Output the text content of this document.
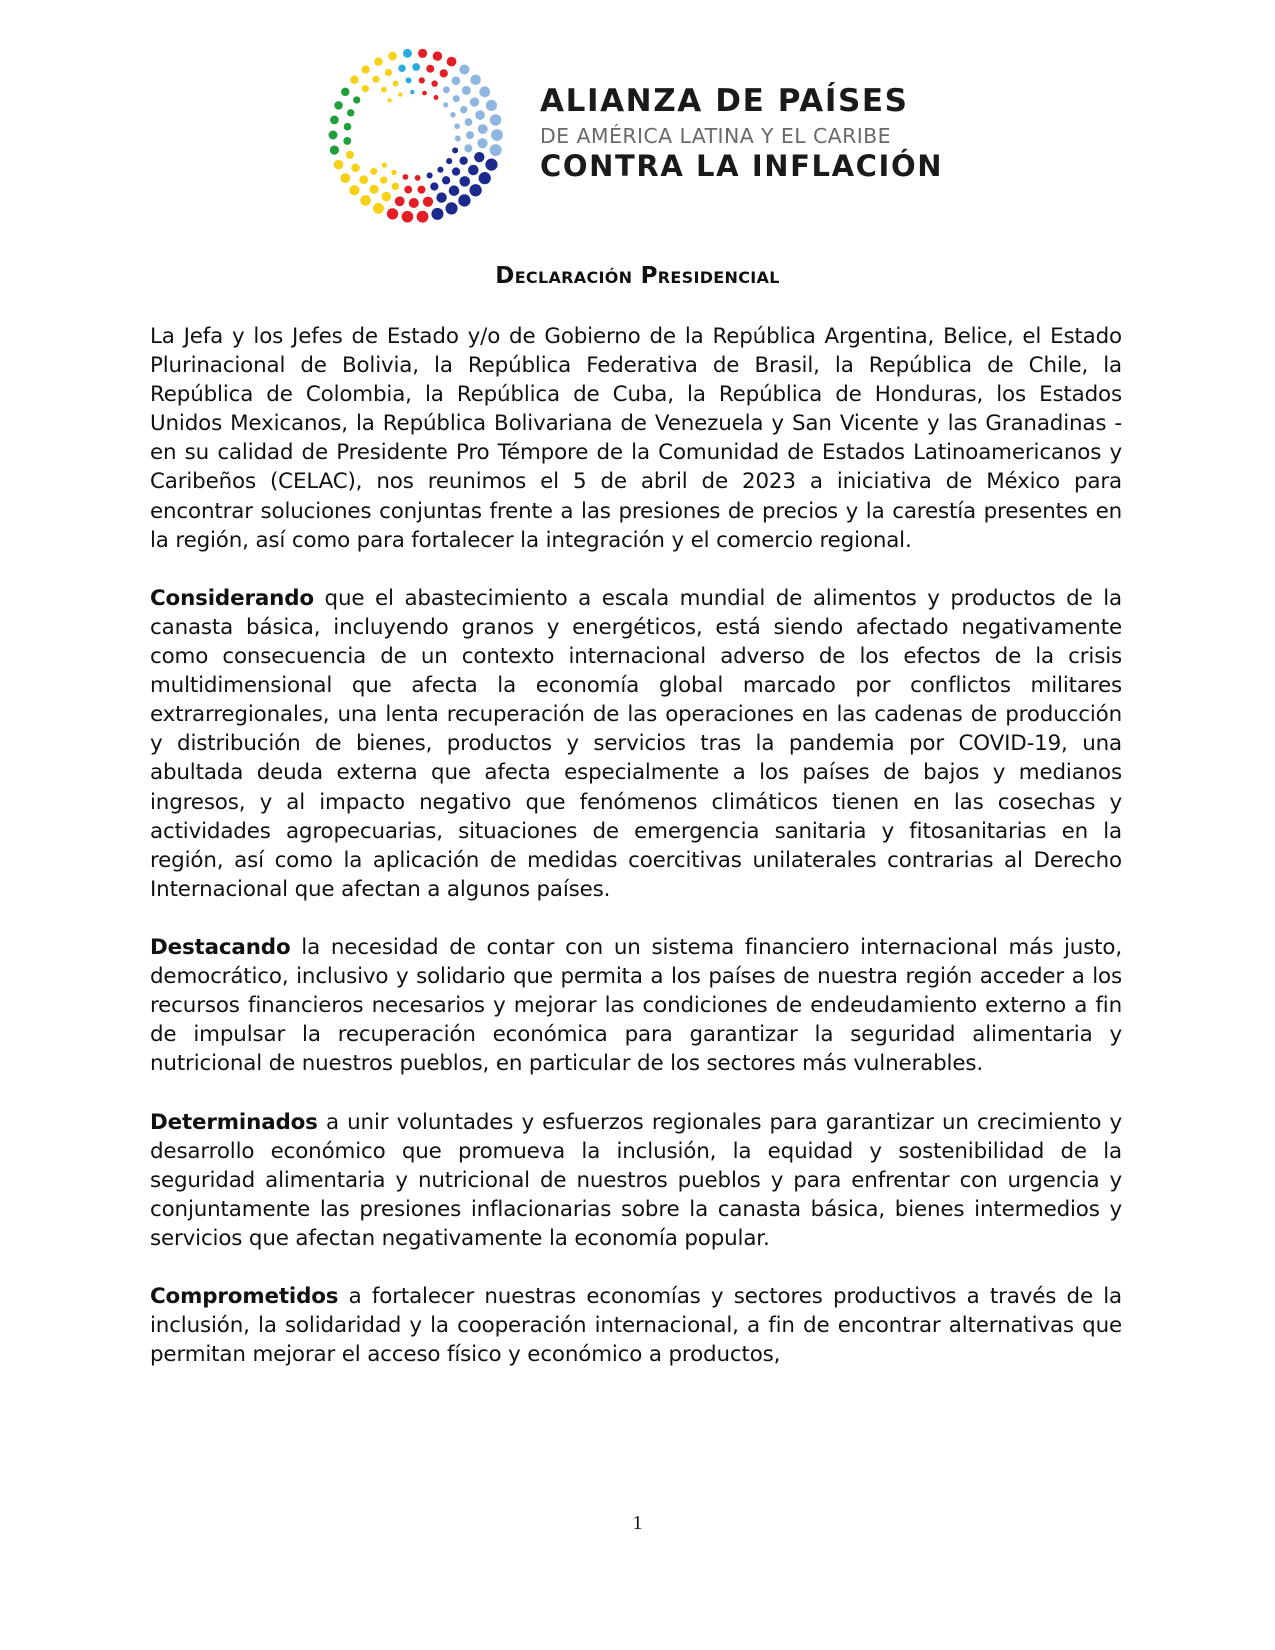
ALIANZA DE PAÍSES
DE AMÉRICA LATINA Y EL CARIBE
CONTRA LA INFLACIÓN
Declaración Presidencial

La Jefa y los Jefes de Estado y/o de Gobierno de la República Argentina, Belice, el Estado Plurinacional de Bolivia, la República Federativa de Brasil, la República de Chile, la República de Colombia, la República de Cuba, la República de Honduras, los Estados Unidos Mexicanos, la República Bolivariana de Venezuela y San Vicente y las Granadinas - en su calidad de Presidente Pro Témpore de la Comunidad de Estados Latinoamericanos y Caribeños (CELAC), nos reunimos el 5 de abril de 2023 a iniciativa de México para encontrar soluciones conjuntas frente a las presiones de precios y la carestía presentes en la región, así como para fortalecer la integración y el comercio regional.

Considerando que el abastecimiento a escala mundial de alimentos y productos de la canasta básica, incluyendo granos y energéticos, está siendo afectado negativamente como consecuencia de un contexto internacional adverso de los efectos de la crisis multidimensional que afecta la economía global marcado por conflictos militares extrarregionales, una lenta recuperación de las operaciones en las cadenas de producción y distribución de bienes, productos y servicios tras la pandemia por COVID-19, una abultada deuda externa que afecta especialmente a los países de bajos y medianos ingresos, y al impacto negativo que fenómenos climáticos tienen en las cosechas y actividades agropecuarias, situaciones de emergencia sanitaria y fitosanitarias en la región, así como la aplicación de medidas coercitivas unilaterales contrarias al Derecho Internacional que afectan a algunos países.

Destacando la necesidad de contar con un sistema financiero internacional más justo, democrático, inclusivo y solidario que permita a los países de nuestra región acceder a los recursos financieros necesarios y mejorar las condiciones de endeudamiento externo a fin de impulsar la recuperación económica para garantizar la seguridad alimentaria y nutricional de nuestros pueblos, en particular de los sectores más vulnerables.

Determinados a unir voluntades y esfuerzos regionales para garantizar un crecimiento y desarrollo económico que promueva la inclusión, la equidad y sostenibilidad de la seguridad alimentaria y nutricional de nuestros pueblos y para enfrentar con urgencia y conjuntamente las presiones inflacionarias sobre la canasta básica, bienes intermedios y servicios que afectan negativamente la economía popular.

Comprometidos a fortalecer nuestras economías y sectores productivos a través de la inclusión, la solidaridad y la cooperación internacional, a fin de encontrar alternativas que permitan mejorar el acceso físico y económico a productos,

1
